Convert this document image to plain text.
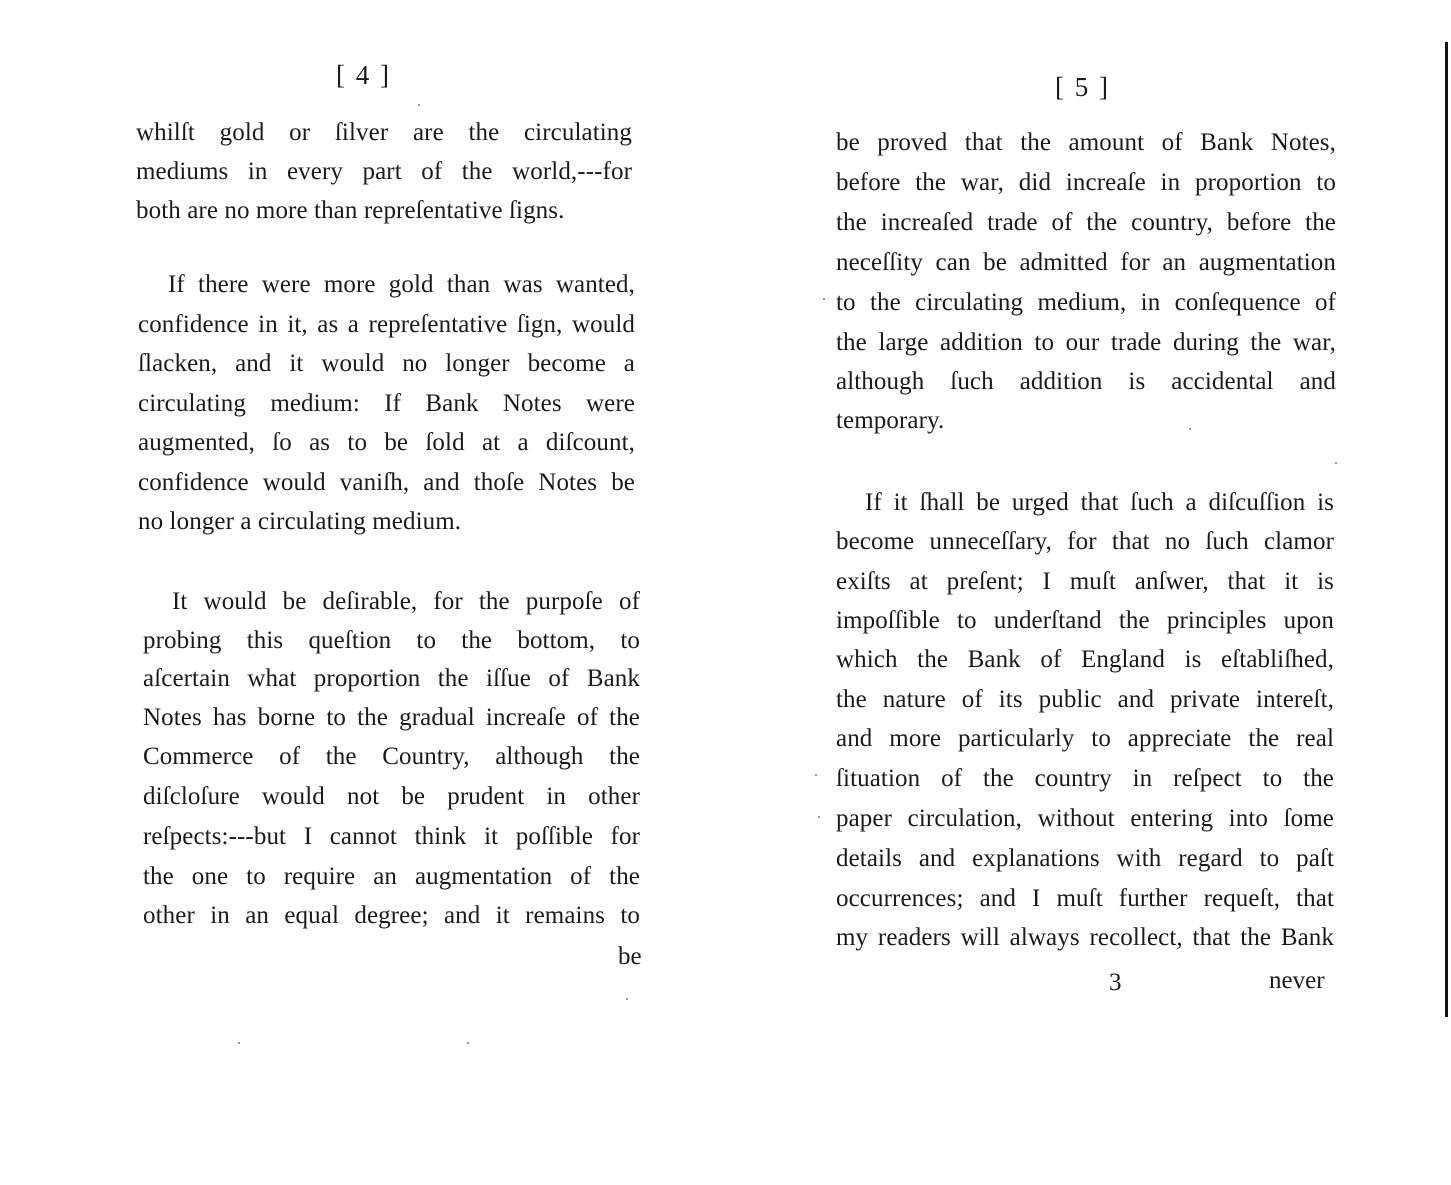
[ 4 ]
whilſt gold or ſilver are the circulating
mediums in every part of the world,---for
both are no more than repreſentative ſigns.
If there were more gold than was wanted,
confidence in it, as a repreſentative ſign, would
ſlacken, and it would no longer become a
circulating medium: If Bank Notes were
augmented, ſo as to be ſold at a diſcount,
confidence would vaniſh, and thoſe Notes be
no longer a circulating medium.
It would be deſirable, for the purpoſe of
probing this queſtion to the bottom, to
aſcertain what proportion the iſſue of Bank
Notes has borne to the gradual increaſe of the
Commerce of the Country, although the
diſcloſure would not be prudent in other
reſpects:---but I cannot think it poſſible for
the one to require an augmentation of the
other in an equal degree; and it remains to
be
[ 5 ]
be proved that the amount of Bank Notes,
before the war, did increaſe in proportion to
the increaſed trade of the country, before the
neceſſity can be admitted for an augmentation
to the circulating medium, in conſequence of
the large addition to our trade during the war,
although ſuch addition is accidental and
temporary.
If it ſhall be urged that ſuch a diſcuſſion is
become unneceſſary, for that no ſuch clamor
exiſts at preſent; I muſt anſwer, that it is
impoſſible to underſtand the principles upon
which the Bank of England is eſtabliſhed,
the nature of its public and private intereſt,
and more particularly to appreciate the real
ſituation of the country in reſpect to the
paper circulation, without entering into ſome
details and explanations with regard to paſt
occurrences; and I muſt further requeſt, that
my readers will always recollect, that the Bank
3	never
